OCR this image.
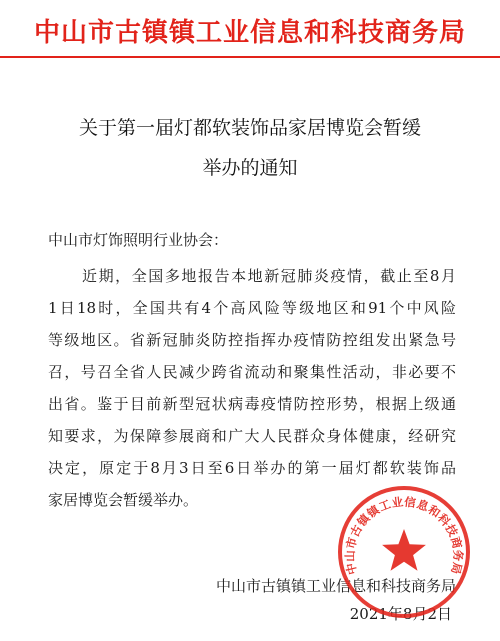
中山市古镇镇工业信息和科技商务局
关于第一届灯都软装饰品家居博览会暂缓
举办的通知
中山市灯饰照明行业协会：
近期，全国多地报告本地新冠肺炎疫情，截止至8月
1日18时，全国共有4个高风险等级地区和91个中风险
等级地区。省新冠肺炎防控指挥办疫情防控组发出紧急号
召，号召全省人民减少跨省流动和聚集性活动，非必要不
出省。鉴于目前新型冠状病毒疫情防控形势，根据上级通
知要求，为保障参展商和广大人民群众身体健康，经研究
决定，原定于8月3日至6日举办的第一届灯都软装饰品
家居博览会暂缓举办。
中山市古镇镇工业信息和科技商务局
2021年8月2日
中山市古镇镇工业信息和科技商务局
